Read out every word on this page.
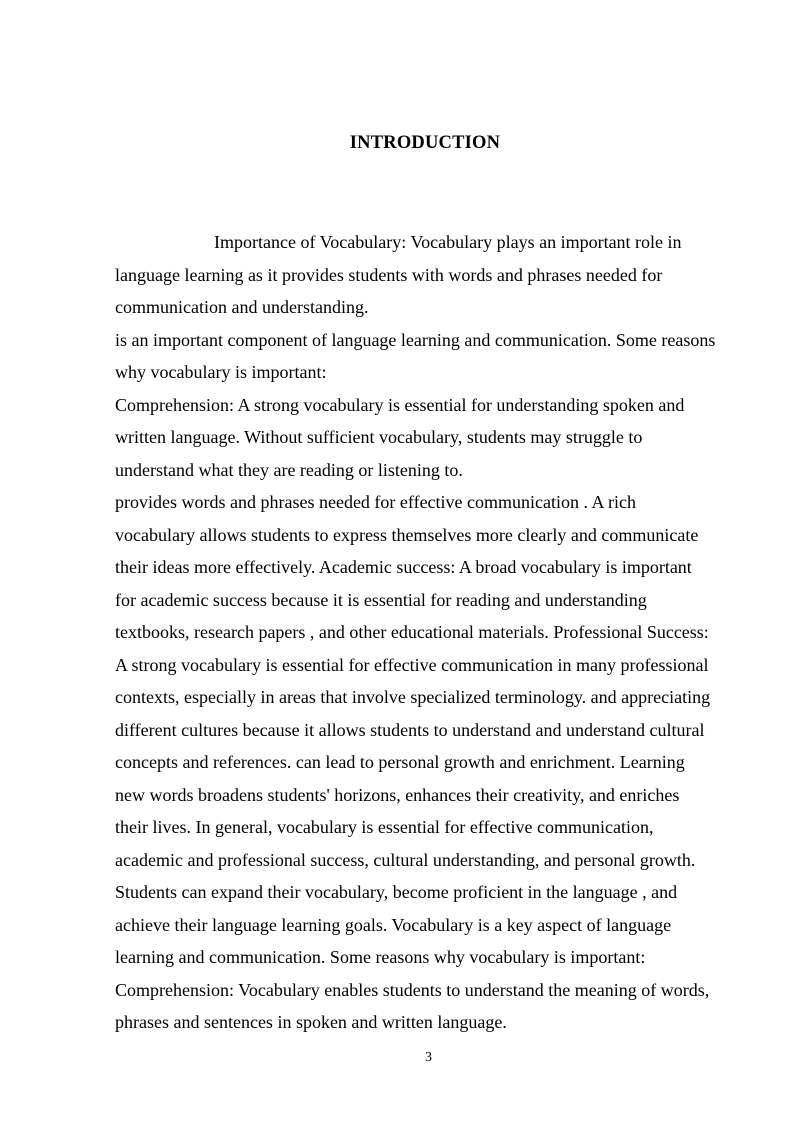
INTRODUCTION
Importance of Vocabulary: Vocabulary plays an important role in
language learning as it provides students with words and phrases needed for
communication and understanding.
is an important component of language learning and communication. Some reasons
why vocabulary is important:
Comprehension: A strong vocabulary is essential for understanding spoken and
written language. Without sufficient vocabulary, students may struggle to
understand what they are reading or listening to.
provides words and phrases needed for effective communication . A rich
vocabulary allows students to express themselves more clearly and communicate
their ideas more effectively. Academic success: A broad vocabulary is important
for academic success because it is essential for reading and understanding
textbooks, research papers , and other educational materials. Professional Success:
A strong vocabulary is essential for effective communication in many professional
contexts, especially in areas that involve specialized terminology. and appreciating
different cultures because it allows students to understand and understand cultural
concepts and references. can lead to personal growth and enrichment. Learning
new words broadens students' horizons, enhances their creativity, and enriches
their lives. In general, vocabulary is essential for effective communication,
academic and professional success, cultural understanding, and personal growth.
Students can expand their vocabulary, become proficient in the language , and
achieve their language learning goals. Vocabulary is a key aspect of language
learning and communication. Some reasons why vocabulary is important:
Comprehension: Vocabulary enables students to understand the meaning of words,
phrases and sentences in spoken and written language.
3
